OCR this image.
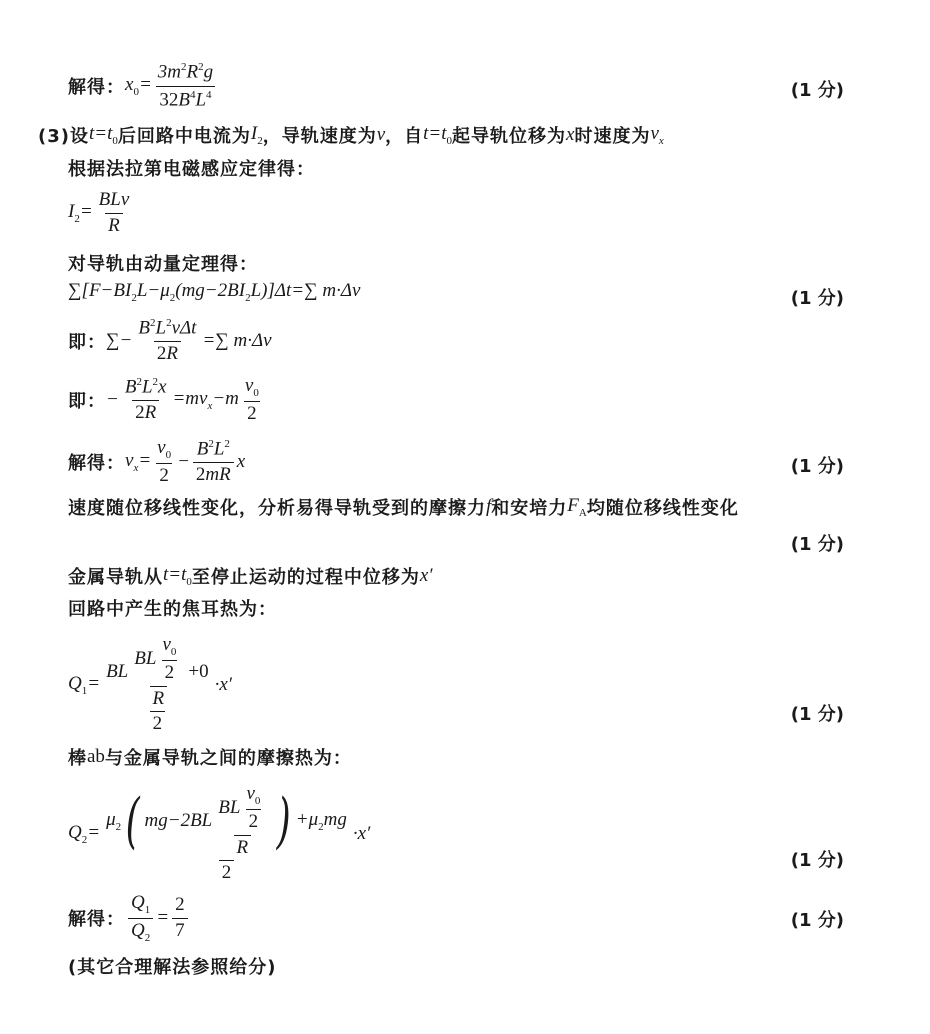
解得： $x_0= \frac{3m^2R^2g}{32B^4L^4}$	(1 分)
(3)设 $t=t_0$ 后回路中电流为 $I_2$ ，导轨速度为 v ，自 $t=t_0$ 起导轨位移为 x 时速度为 $v_x$
根据法拉第电磁感应定律得：
$I_2= \frac{\text{BLv}}{R}$
对导轨由动量定理得：
$\sum[F-BI_2L-\mu_2(mg-2BI_2L)]\Delta t=\sum$ m·Δv	(1 分)
即： ∑− $\frac{B^2L^2v\Delta t}{2R}$ =∑ m·Δv
即： − $\frac{B^2L^2x}{2R} =mv_x-m \frac{v_0}{2}$
解得： $v_x= \frac{v_0}{2} - \frac{B^2L^2}{2mR}$ x	(1 分)
速度随位移线性变化，分析易得导轨受到的摩擦力 f 和安培力 $F_A$ 均随位移线性变化
(1 分)
金属导轨从 $t=t_0$ 至停止运动的过程中位移为 x′
回路中产生的焦耳热为：
$Q_1= \frac{BL \frac{BL \frac{v_0}{2}}{R} +0}{2} \cdot x'$
(1 分)
棒 ab 与金属导轨之间的摩擦热为：
$Q_2=$
$\mu_2$ ( $mg-2BL \frac{BL \frac{v_0}{2}}{R}$ ) $+\mu_2mg$
2
·x′
(1 分)
解得： $\frac{Q_1}{Q_2} = \frac{2}{7}$	(1 分)
(其它合理解法参照给分)
